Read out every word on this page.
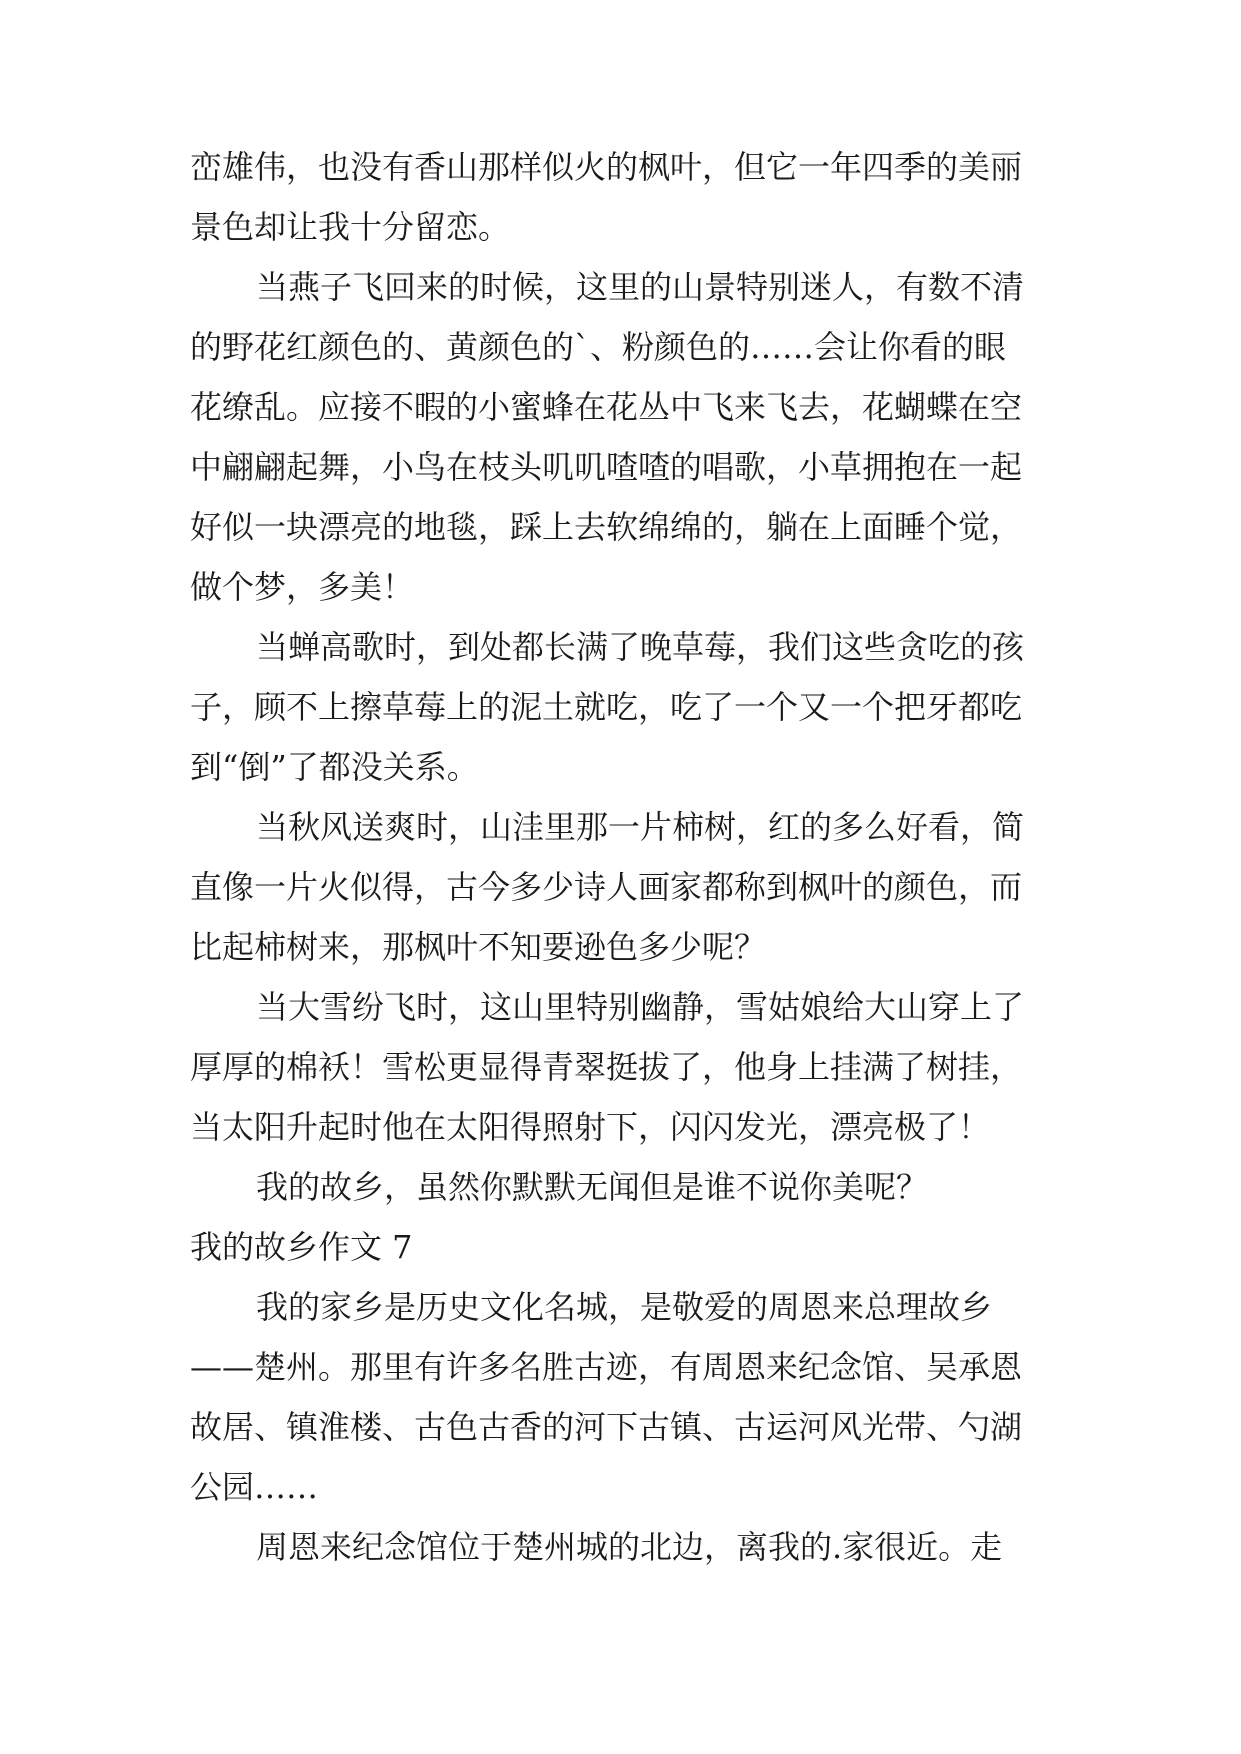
峦雄伟，也没有香山那样似火的枫叶，但它一年四季的美丽
景色却让我十分留恋。
当燕子飞回来的时候，这里的山景特别迷人，有数不清
的野花红颜色的、黄颜色的`、粉颜色的……会让你看的眼
花缭乱。应接不暇的小蜜蜂在花丛中飞来飞去，花蝴蝶在空
中翩翩起舞，小鸟在枝头叽叽喳喳的唱歌，小草拥抱在一起
好似一块漂亮的地毯，踩上去软绵绵的，躺在上面睡个觉，
做个梦，多美！
当蝉高歌时，到处都长满了晚草莓，我们这些贪吃的孩
子，顾不上擦草莓上的泥土就吃，吃了一个又一个把牙都吃
到“倒”了都没关系。
当秋风送爽时，山洼里那一片柿树，红的多么好看，简
直像一片火似得，古今多少诗人画家都称到枫叶的颜色，而
比起柿树来，那枫叶不知要逊色多少呢？
当大雪纷飞时，这山里特别幽静，雪姑娘给大山穿上了
厚厚的棉袄！雪松更显得青翠挺拔了，他身上挂满了树挂，
当太阳升起时他在太阳得照射下，闪闪发光，漂亮极了！
我的故乡，虽然你默默无闻但是谁不说你美呢？
我的故乡作文 7
我的家乡是历史文化名城，是敬爱的周恩来总理故乡
——楚州。那里有许多名胜古迹，有周恩来纪念馆、吴承恩
故居、镇淮楼、古色古香的河下古镇、古运河风光带、勺湖
公园……
周恩来纪念馆位于楚州城的北边，离我的.家很近。走
